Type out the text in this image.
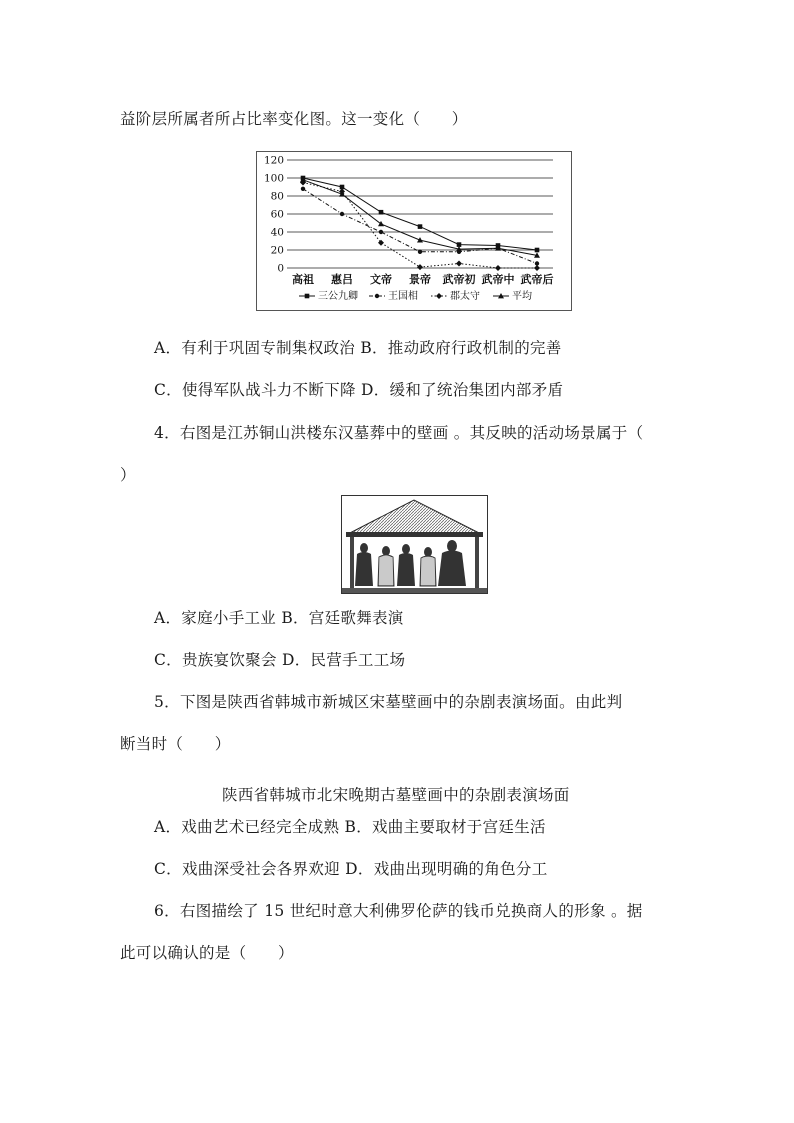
益阶层所属者所占比率变化图。这一变化（　　）
0
20
40
60
80
100
120
高祖 惠吕 文帝 景帝 武帝初 武帝中 武帝后
三公九卿	王国相	郡太守	平均
A．有利于巩固专制集权政治 B．推动政府行政机制的完善
C．使得军队战斗力不断下降 D．缓和了统治集团内部矛盾
4．右图是江苏铜山洪楼东汉墓葬中的壁画 。其反映的活动场景属于（
）
A．家庭小手工业 B．宫廷歌舞表演
C．贵族宴饮聚会 D．民营手工工场
5．下图是陕西省韩城市新城区宋墓壁画中的杂剧表演场面。由此判
断当时（　　）
陕西省韩城市北宋晚期古墓壁画中的杂剧表演场面
A．戏曲艺术已经完全成熟 B．戏曲主要取材于宫廷生活
C．戏曲深受社会各界欢迎 D．戏曲出现明确的角色分工
6．右图描绘了 15 世纪时意大利佛罗伦萨的钱币兑换商人的形象 。据
此可以确认的是（　　）
